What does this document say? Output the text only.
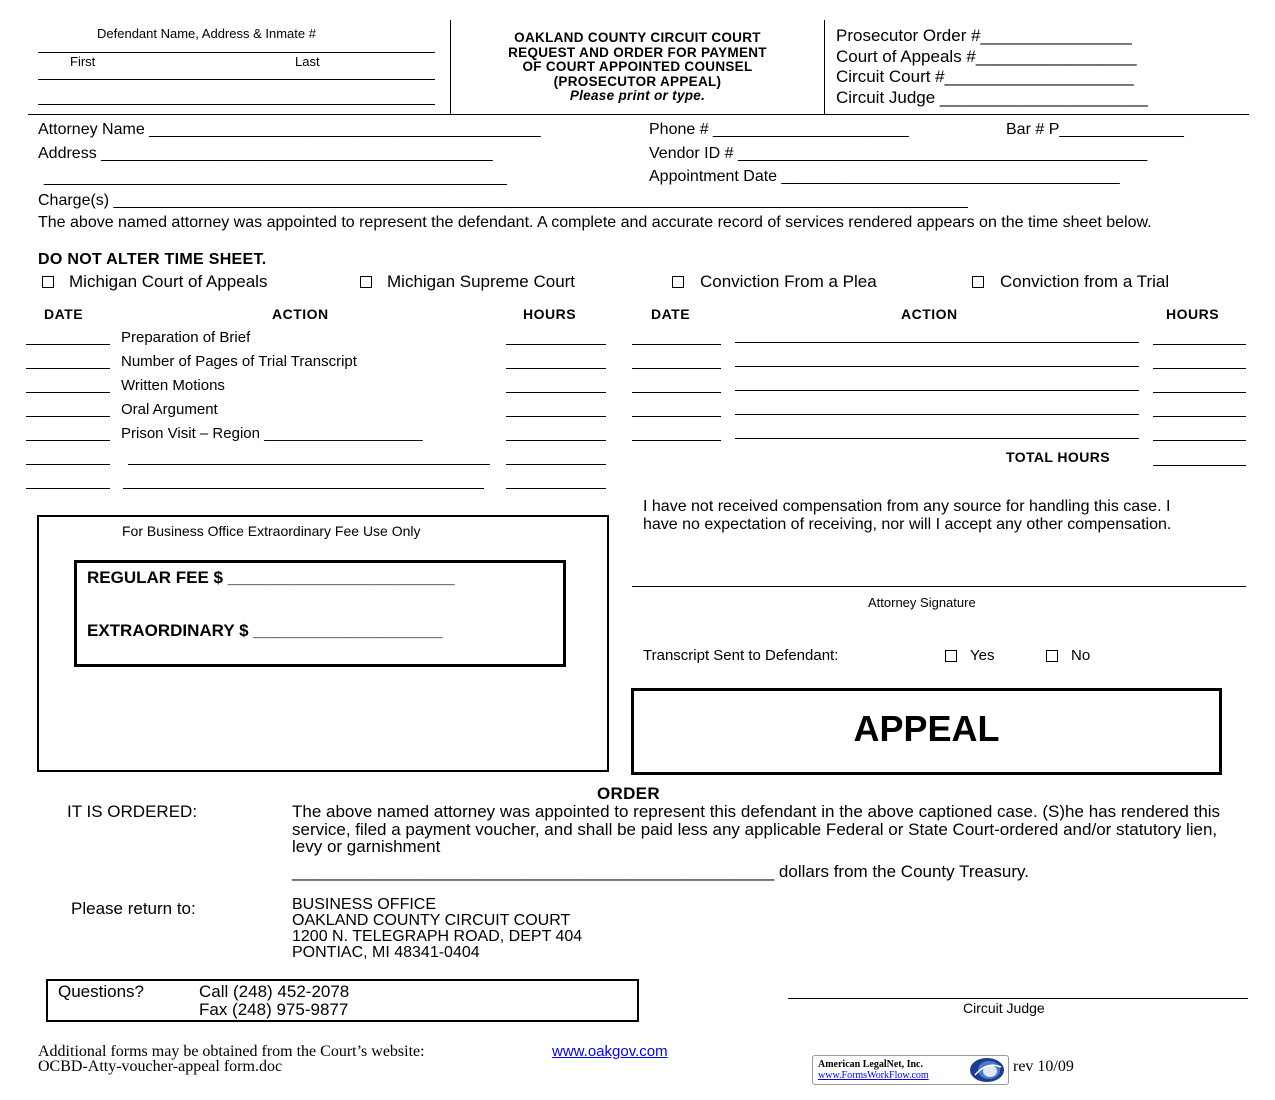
Defendant Name, Address & Inmate #
First	Last
OAKLAND COUNTY CIRCUIT COURT
REQUEST AND ORDER FOR PAYMENT
OF COURT APPOINTED COUNSEL
(PROSECUTOR APPEAL)
Please print or type.
Prosecutor Order #________________
Court of Appeals #_________________
Circuit Court #____________________
Circuit Judge ______________________
Attorney Name ____________________________________________	Phone # ______________________	Bar # P______________
Address ____________________________________________	Vendor ID # ______________________________________________
____________________________________________________	Appointment Date ______________________________________
Charge(s) ________________________________________________________________________________________________
The above named attorney was appointed to represent the defendant. A complete and accurate record of services rendered appears on the time sheet below.
DO NOT ALTER TIME SHEET.
Michigan Court of Appeals	Michigan Supreme Court	Conviction From a Plea	Conviction from a Trial
DATE	ACTION	HOURS	DATE	ACTION	HOURS
Preparation of Brief
Number of Pages of Trial Transcript
Written Motions
Oral Argument
Prison Visit – Region ___________________
TOTAL HOURS
For Business Office Extraordinary Fee Use Only
REGULAR FEE $ ________________________
EXTRAORDINARY $ ____________________
I have not received compensation from any source for handling this case. I have no expectation of receiving, nor will I accept any other compensation.
Attorney Signature
Transcript Sent to Defendant:	Yes	No
APPEAL
ORDER
IT IS ORDERED:	The above named attorney was appointed to represent this defendant in the above captioned case. (S)he has rendered this service, filed a payment voucher, and shall be paid less any applicable Federal or State Court-ordered and/or statutory lien, levy or garnishment
___________________________________________________ dollars from the County Treasury.
Please return to:	BUSINESS OFFICE
OAKLAND COUNTY CIRCUIT COURT
1200 N. TELEGRAPH ROAD, DEPT 404
PONTIAC, MI 48341-0404
Questions?	Call (248) 452-2078
Fax (248) 975-9877	Circuit Judge
Additional forms may be obtained from the Court’s website:	www.oakgov.com
OCBD-Atty-voucher-appeal form.doc	American LegalNet, Inc.
www.FormsWorkFlow.com
rev 10/09
